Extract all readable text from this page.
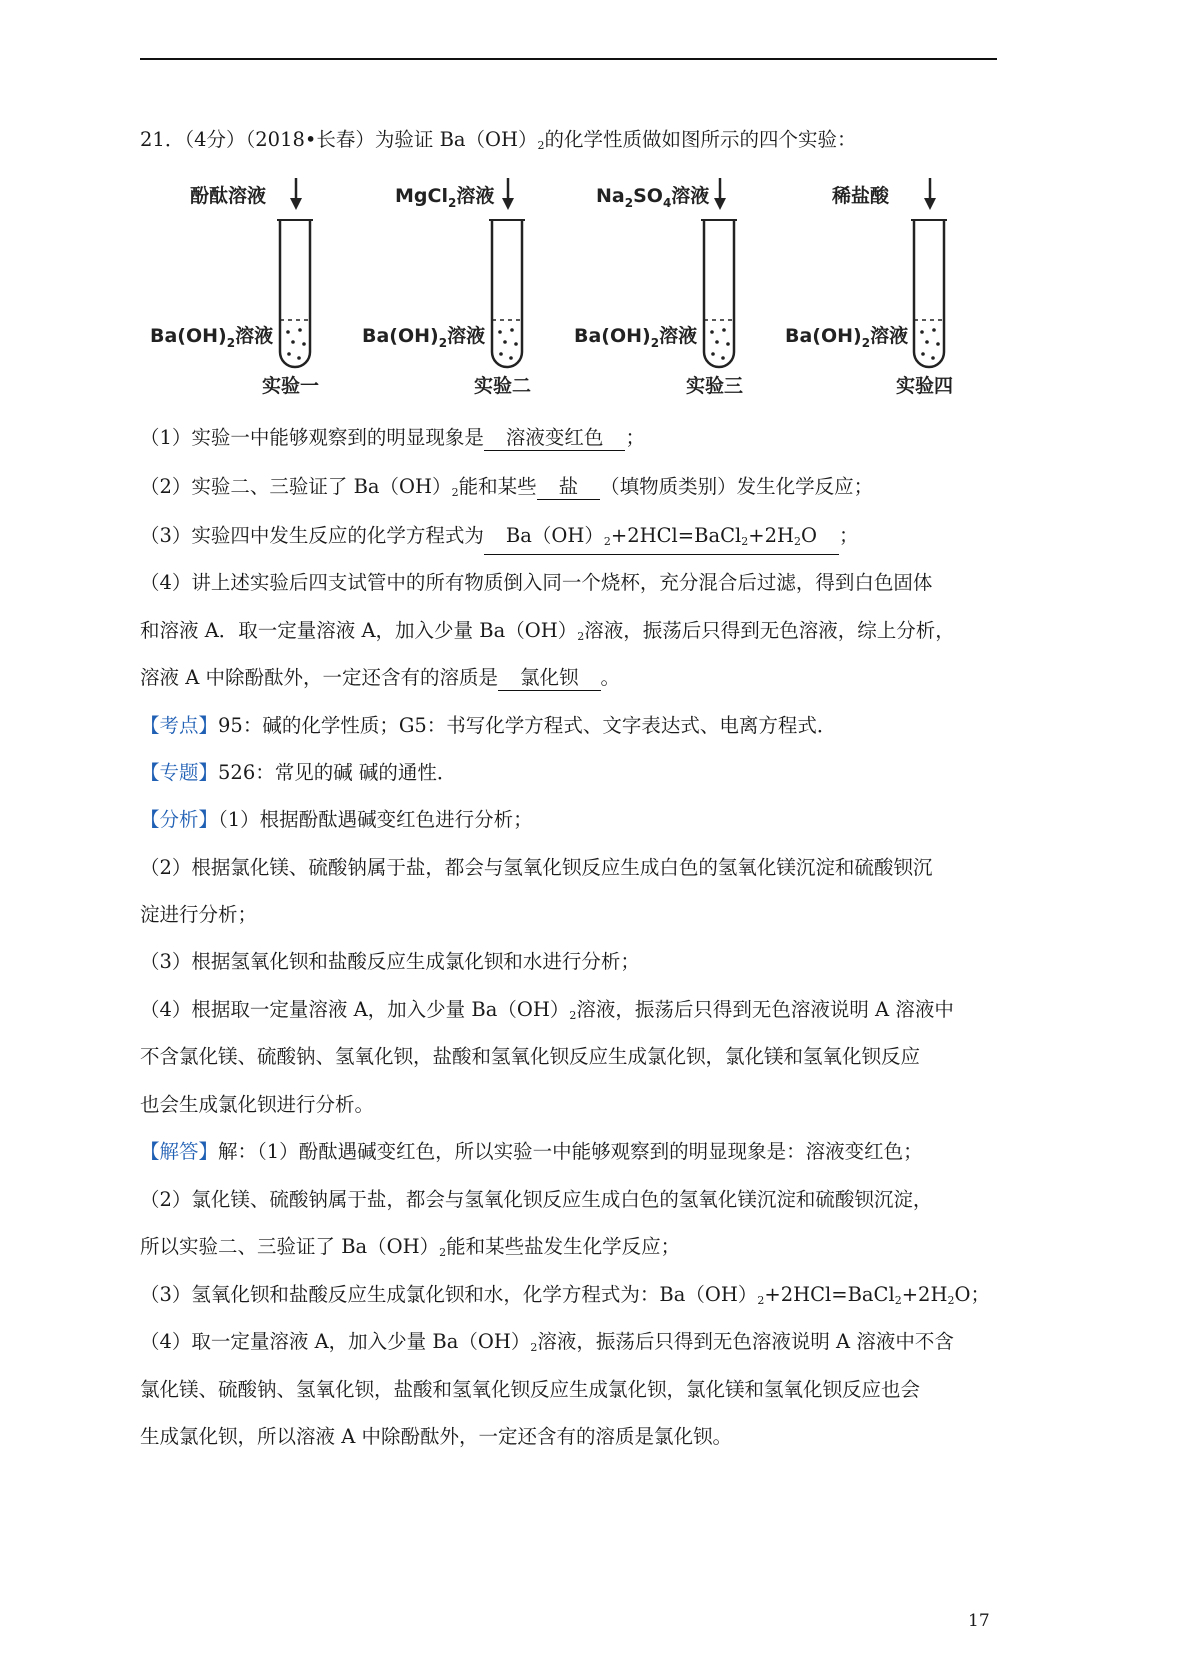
21．（4分）（2018•长春）为验证 $Ba(OH)_2$的化学性质做如图所示的四个实验：
酚酞溶液
$Ba(OH)_2$溶液
实验一
MgCl$_2$溶液
$Ba(OH)_2$溶液
实验二
$Na_2SO_4$溶液
$Ba(OH)_2$溶液
实验三
稀盐酸
$Ba(OH)_2$溶液
实验四
（1）实验一中能够观察到的明显现象是 溶液变红色 ；
（2）实验二、三验证了 $Ba(OH)_2$能和某些 盐 （填物质类别）发生化学反应；
（3）实验四中发生反应的化学方程式为 $Ba(OH)_2+2HCl=BaCl_2+2H_2O$ ；
（4）讲上述实验后四支试管中的所有物质倒入同一个烧杯，充分混合后过滤，得到白色固体
和溶液 A．取一定量溶液 A，加入少量 $Ba(OH)_2$溶液，振荡后只得到无色溶液，综上分析，
溶液 A 中除酚酞外，一定还含有的溶质是 氯化钡 。
【考点】95：碱的化学性质；G5：书写化学方程式、文字表达式、电离方程式．
【专题】526：常见的碱 碱的通性．
【分析】（1）根据酚酞遇碱变红色进行分析；
（2）根据氯化镁、硫酸钠属于盐，都会与氢氧化钡反应生成白色的氢氧化镁沉淀和硫酸钡沉
淀进行分析；
（3）根据氢氧化钡和盐酸反应生成氯化钡和水进行分析；
（4）根据取一定量溶液 A，加入少量 $Ba(OH)_2$溶液，振荡后只得到无色溶液说明 A 溶液中
不含氯化镁、硫酸钠、氢氧化钡，盐酸和氢氧化钡反应生成氯化钡，氯化镁和氢氧化钡反应
也会生成氯化钡进行分析。
【解答】解：（1）酚酞遇碱变红色，所以实验一中能够观察到的明显现象是：溶液变红色；
（2）氯化镁、硫酸钠属于盐，都会与氢氧化钡反应生成白色的氢氧化镁沉淀和硫酸钡沉淀，
所以实验二、三验证了 $Ba(OH)_2$能和某些盐发生化学反应；
（3）氢氧化钡和盐酸反应生成氯化钡和水，化学方程式为：$Ba(OH)_2+2HCl=BaCl_2+2H_2O$；
（4）取一定量溶液 A，加入少量 $Ba(OH)_2$溶液，振荡后只得到无色溶液说明 A 溶液中不含
氯化镁、硫酸钠、氢氧化钡，盐酸和氢氧化钡反应生成氯化钡，氯化镁和氢氧化钡反应也会
生成氯化钡，所以溶液 A 中除酚酞外，一定还含有的溶质是氯化钡。
17
